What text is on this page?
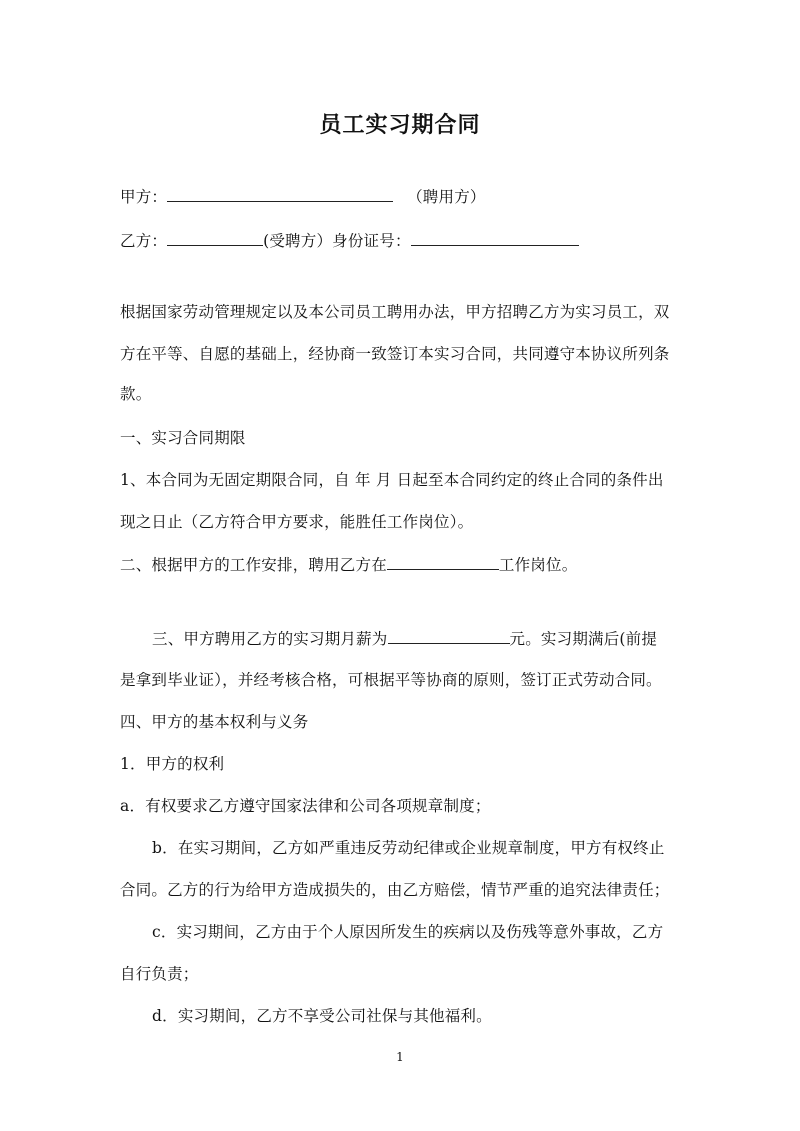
员工实习期合同
甲方：	（聘用方）
乙方：	(受聘方）身份证号：
根据国家劳动管理规定以及本公司员工聘用办法，甲方招聘乙方为实习员工，双
方在平等、自愿的基础上，经协商一致签订本实习合同，共同遵守本协议所列条
款。
一、实习合同期限
1、本合同为无固定期限合同，自 年 月 日起至本合同约定的终止合同的条件出
现之日止（乙方符合甲方要求，能胜任工作岗位）。
二、根据甲方的工作安排，聘用乙方在	工作岗位。
三、甲方聘用乙方的实习期月薪为	元。实习期满后(前提
是拿到毕业证），并经考核合格，可根据平等协商的原则，签订正式劳动合同。
四、甲方的基本权利与义务
1．甲方的权利
a．有权要求乙方遵守国家法律和公司各项规章制度；
b．在实习期间，乙方如严重违反劳动纪律或企业规章制度，甲方有权终止
合同。乙方的行为给甲方造成损失的，由乙方赔偿，情节严重的追究法律责任；
c．实习期间，乙方由于个人原因所发生的疾病以及伤残等意外事故，乙方
自行负责；
d．实习期间，乙方不享受公司社保与其他福利。
1
